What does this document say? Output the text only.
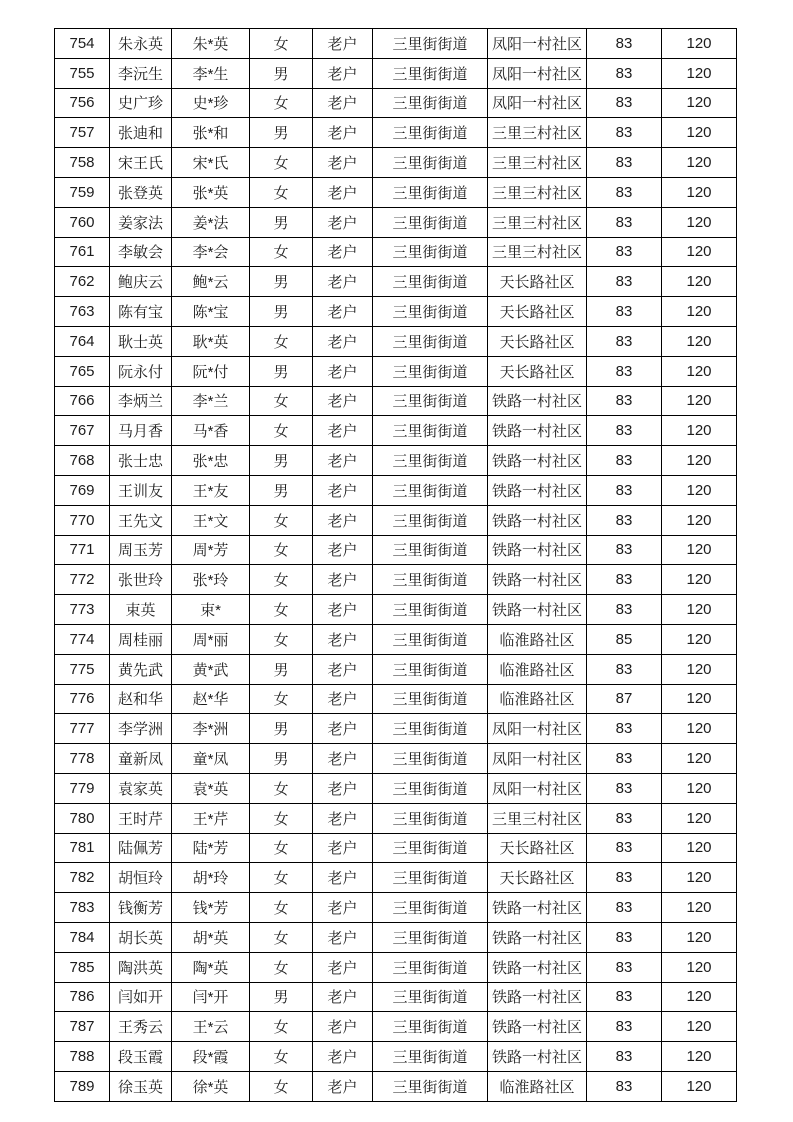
754	朱永英	朱*英	女	老户	三里街街道	凤阳一村社区	83	120
755	李沅生	李*生	男	老户	三里街街道	凤阳一村社区	83	120
756	史广珍	史*珍	女	老户	三里街街道	凤阳一村社区	83	120
757	张迪和	张*和	男	老户	三里街街道	三里三村社区	83	120
758	宋王氏	宋*氏	女	老户	三里街街道	三里三村社区	83	120
759	张登英	张*英	女	老户	三里街街道	三里三村社区	83	120
760	姜家法	姜*法	男	老户	三里街街道	三里三村社区	83	120
761	李敏会	李*会	女	老户	三里街街道	三里三村社区	83	120
762	鲍庆云	鲍*云	男	老户	三里街街道	天长路社区	83	120
763	陈有宝	陈*宝	男	老户	三里街街道	天长路社区	83	120
764	耿士英	耿*英	女	老户	三里街街道	天长路社区	83	120
765	阮永付	阮*付	男	老户	三里街街道	天长路社区	83	120
766	李炳兰	李*兰	女	老户	三里街街道	铁路一村社区	83	120
767	马月香	马*香	女	老户	三里街街道	铁路一村社区	83	120
768	张士忠	张*忠	男	老户	三里街街道	铁路一村社区	83	120
769	王训友	王*友	男	老户	三里街街道	铁路一村社区	83	120
770	王先文	王*文	女	老户	三里街街道	铁路一村社区	83	120
771	周玉芳	周*芳	女	老户	三里街街道	铁路一村社区	83	120
772	张世玲	张*玲	女	老户	三里街街道	铁路一村社区	83	120
773	束英	束*	女	老户	三里街街道	铁路一村社区	83	120
774	周桂丽	周*丽	女	老户	三里街街道	临淮路社区	85	120
775	黄先武	黄*武	男	老户	三里街街道	临淮路社区	83	120
776	赵和华	赵*华	女	老户	三里街街道	临淮路社区	87	120
777	李学洲	李*洲	男	老户	三里街街道	凤阳一村社区	83	120
778	童新凤	童*凤	男	老户	三里街街道	凤阳一村社区	83	120
779	袁家英	袁*英	女	老户	三里街街道	凤阳一村社区	83	120
780	王时芹	王*芹	女	老户	三里街街道	三里三村社区	83	120
781	陆佩芳	陆*芳	女	老户	三里街街道	天长路社区	83	120
782	胡恒玲	胡*玲	女	老户	三里街街道	天长路社区	83	120
783	钱衡芳	钱*芳	女	老户	三里街街道	铁路一村社区	83	120
784	胡长英	胡*英	女	老户	三里街街道	铁路一村社区	83	120
785	陶洪英	陶*英	女	老户	三里街街道	铁路一村社区	83	120
786	闫如开	闫*开	男	老户	三里街街道	铁路一村社区	83	120
787	王秀云	王*云	女	老户	三里街街道	铁路一村社区	83	120
788	段玉霞	段*霞	女	老户	三里街街道	铁路一村社区	83	120
789	徐玉英	徐*英	女	老户	三里街街道	临淮路社区	83	120
